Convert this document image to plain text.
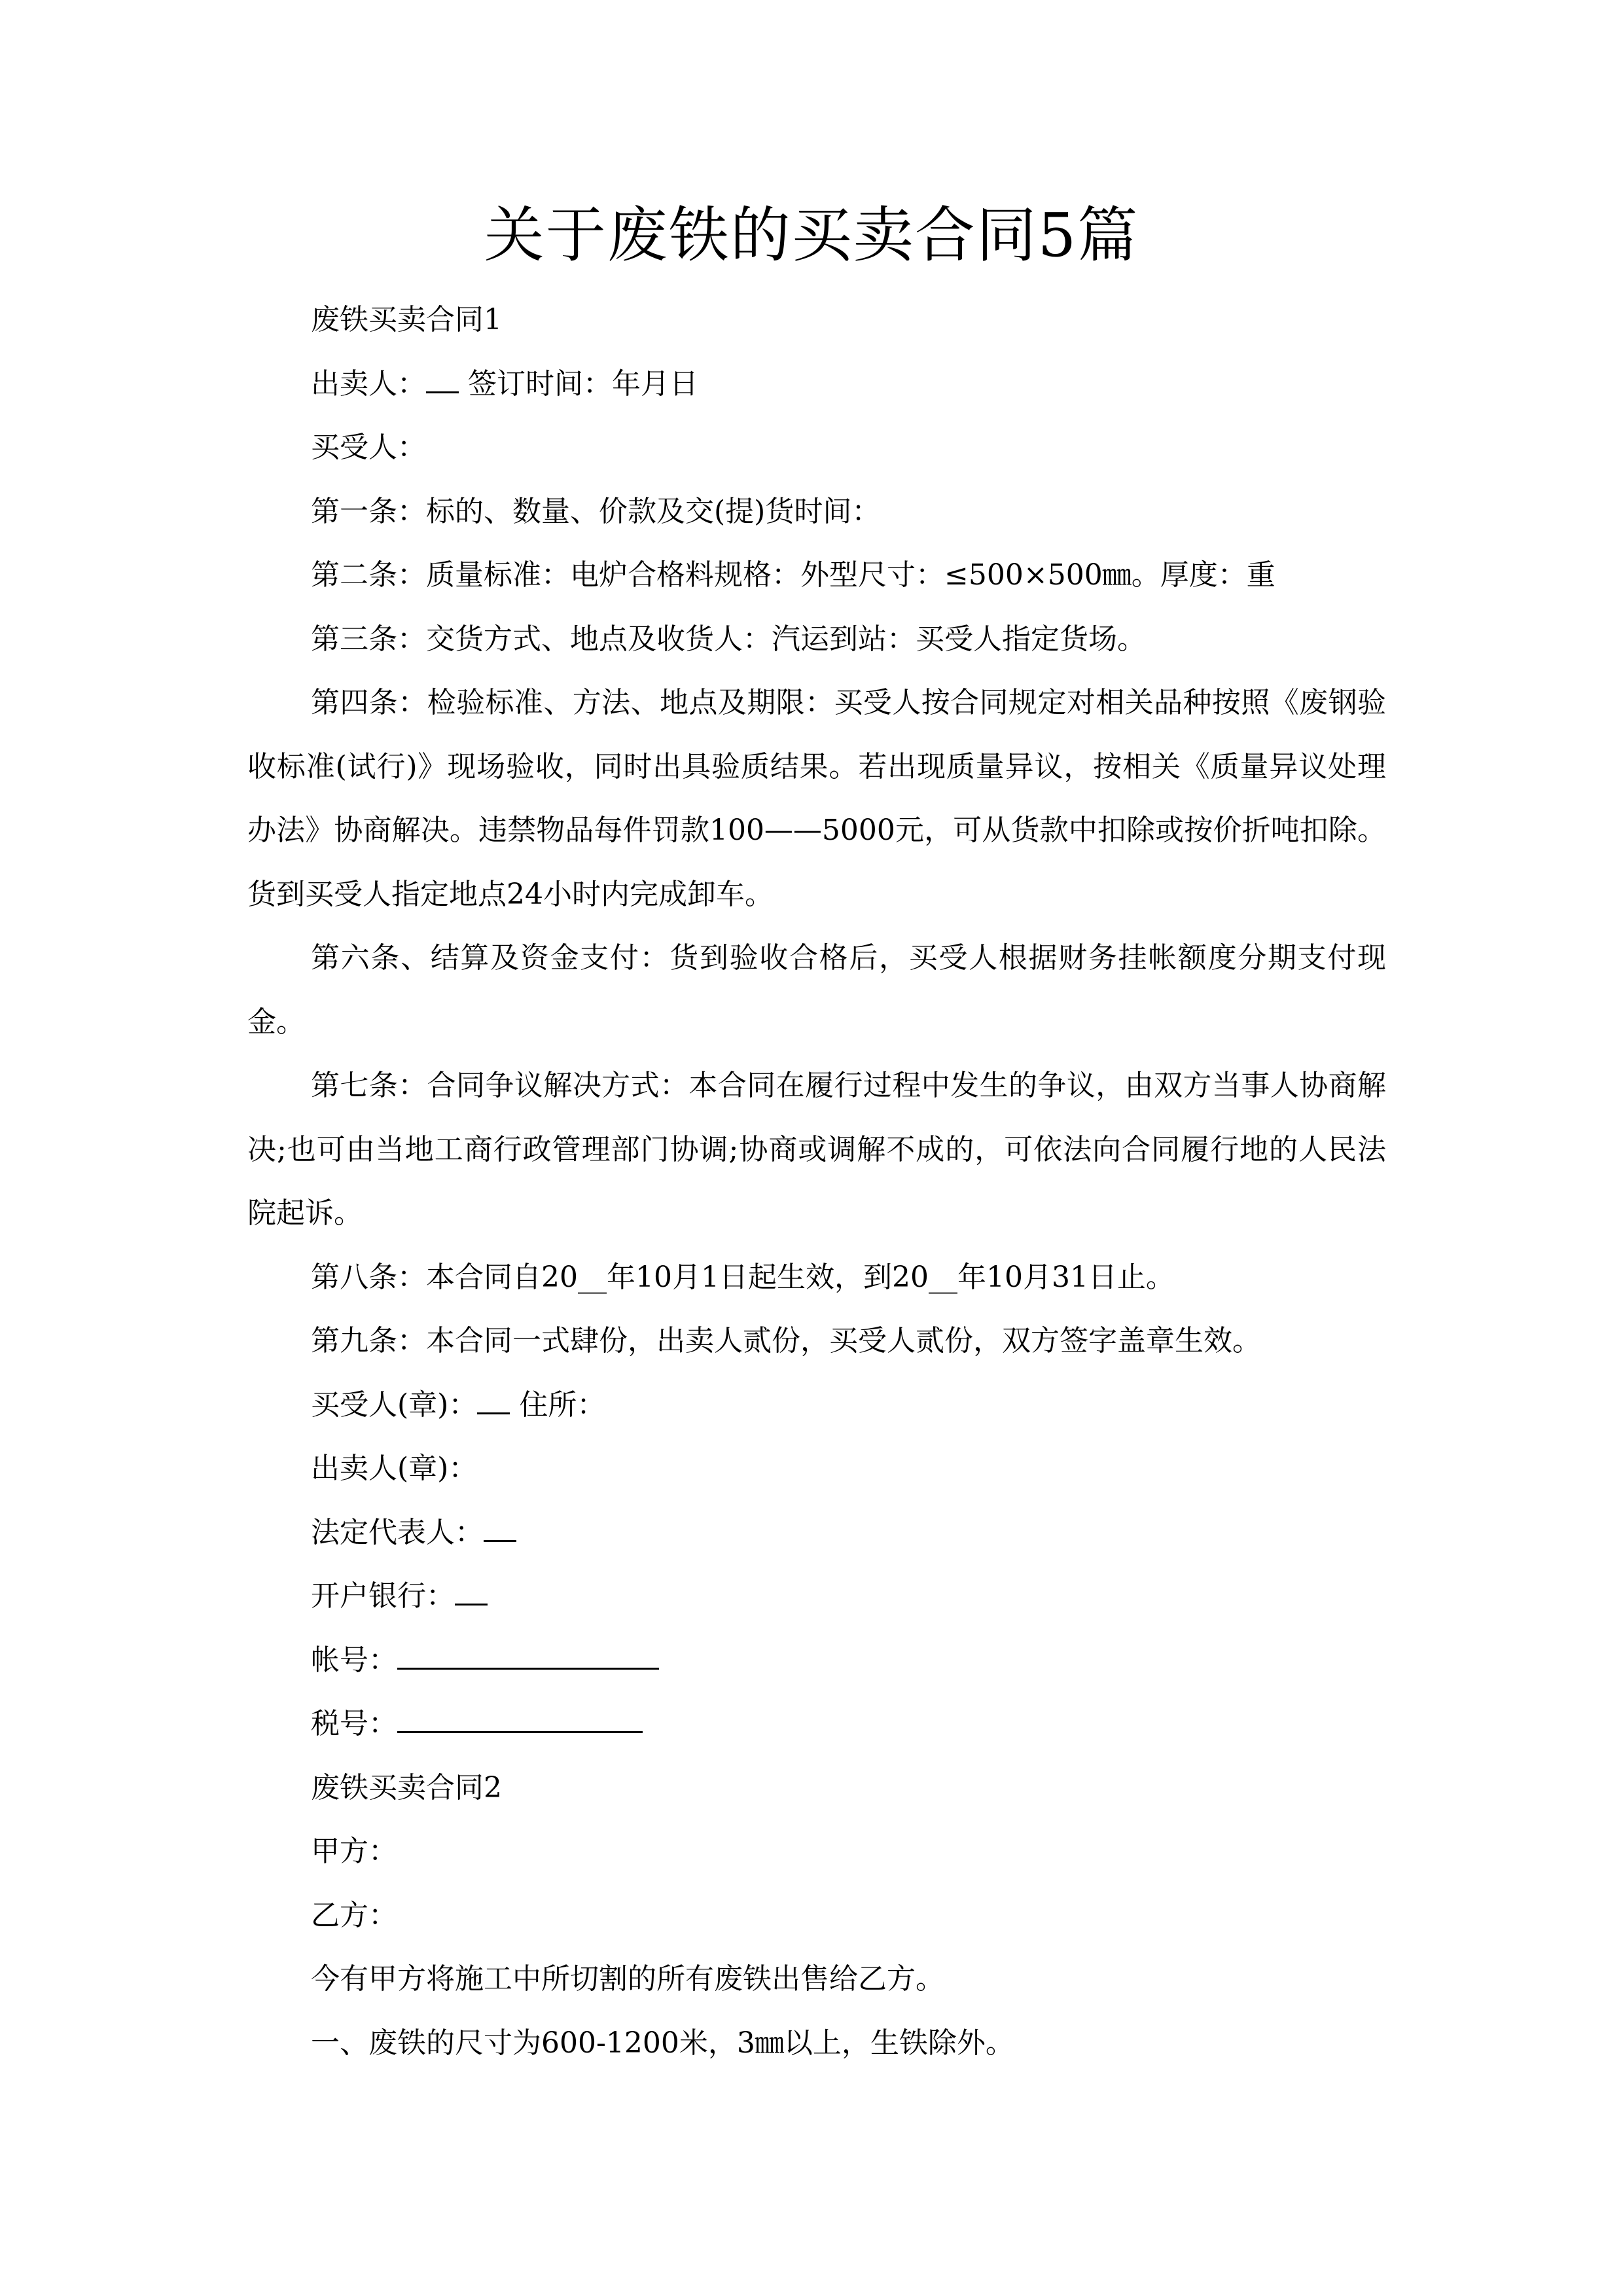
关于废铁的买卖合同5篇
废铁买卖合同1
出卖人： 签订时间：年月日
买受人：
第一条：标的、数量、价款及交(提)货时间：
第二条：质量标准：电炉合格料规格：外型尺寸：≤500×500㎜。厚度：重
第三条：交货方式、地点及收货人：汽运到站：买受人指定货场。

第四条：检验标准、方法、地点及期限：买受人按合同规定对相关品种按照《废钢验收标准(试行)》现场验收，同时出具验质结果。若出现质量异议，按相关《质量异议处理办法》协商解决。违禁物品每件罚款100——5000元，可从货款中扣除或按价折吨扣除。货到买受人指定地点24小时内完成卸车。

第六条、结算及资金支付：货到验收合格后，买受人根据财务挂帐额度分期支付现金。

第七条：合同争议解决方式：本合同在履行过程中发生的争议，由双方当事人协商解决;也可由当地工商行政管理部门协调;协商或调解不成的，可依法向合同履行地的人民法院起诉。

第八条：本合同自20__年10月1日起生效，到20__年10月31日止。
第九条：本合同一式肆份，出卖人贰份，买受人贰份，双方签字盖章生效。
买受人(章)： 住所：
出卖人(章)：
法定代表人：
开户银行：
帐号：
税号：
废铁买卖合同2
甲方：
乙方：
今有甲方将施工中所切割的所有废铁出售给乙方。
一、废铁的尺寸为600-1200米，3㎜以上，生铁除外。
